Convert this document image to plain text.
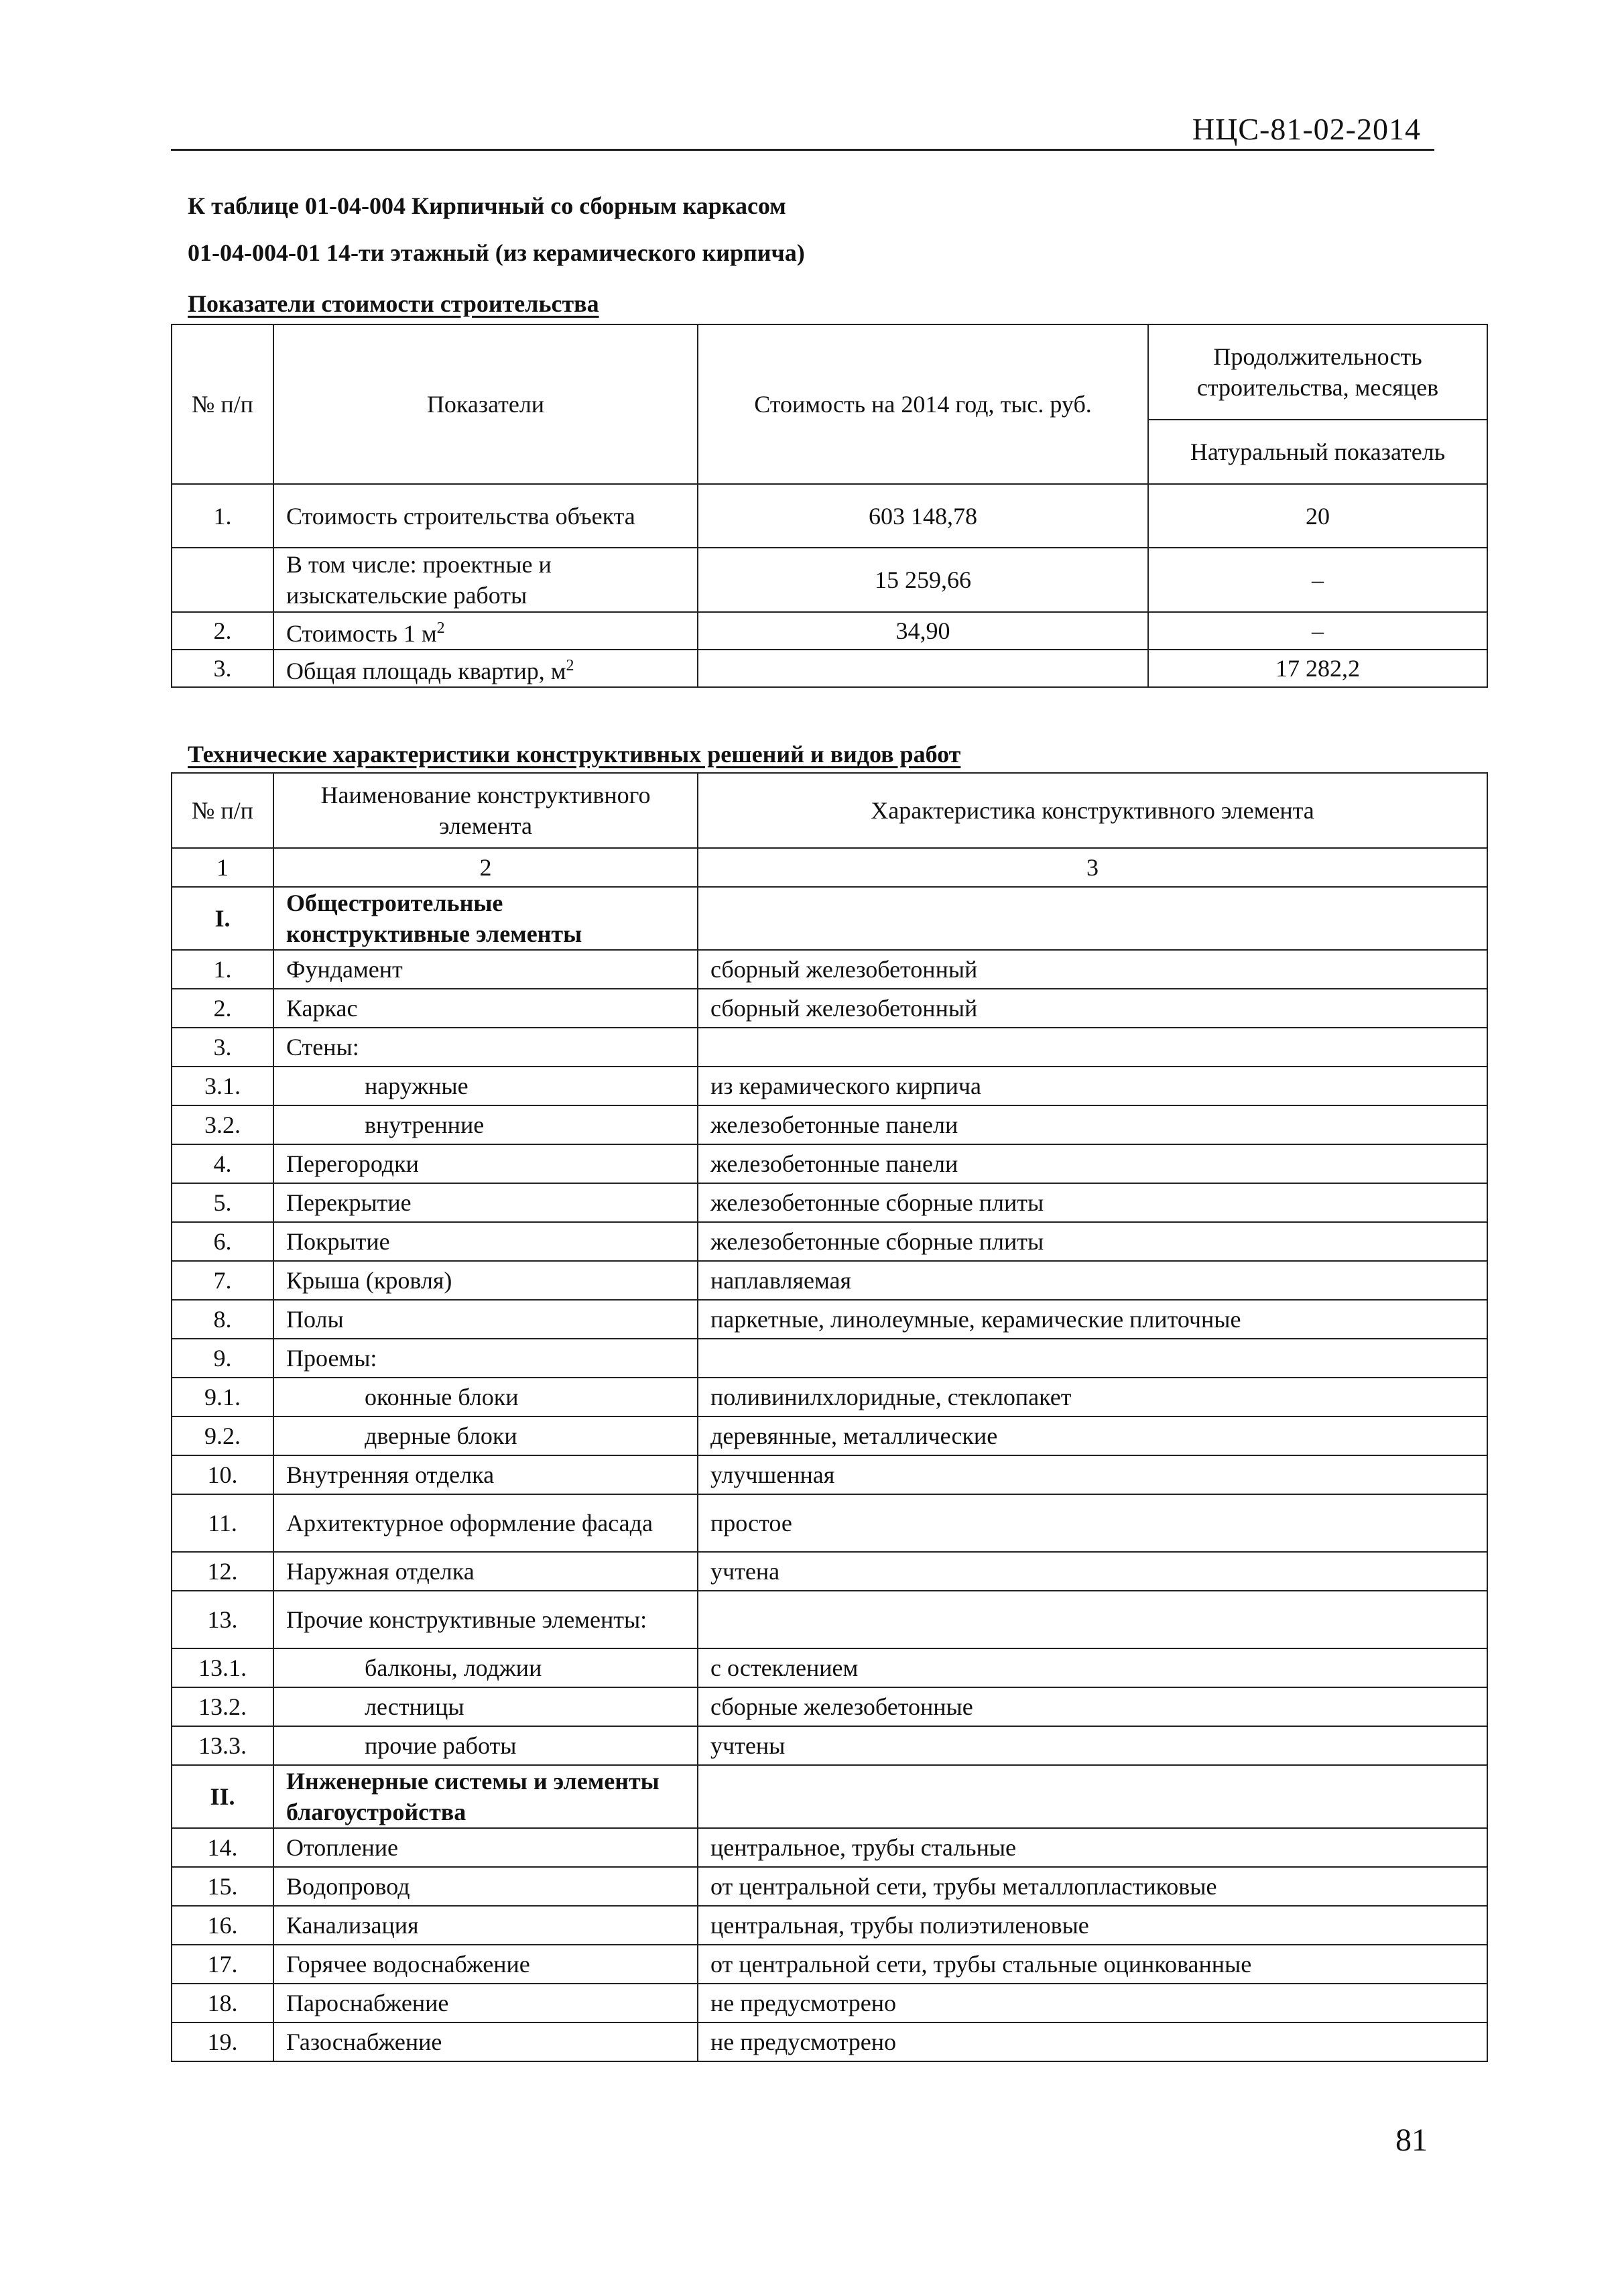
НЦС-81-02-2014
К таблице 01-04-004 Кирпичный со сборным каркасом
01-04-004-01 14-ти этажный (из керамического кирпича)
Показатели стоимости строительства
№ п/п	Показатели	Стоимость на 2014 год, тыс. руб.	Продолжительность строительства, месяцев
			Натуральный показатель
1.	Стоимость строительства объекта	603 148,78	20
	В том числе: проектные и изыскательские работы	15 259,66	–
2.	Стоимость 1 $м^2$	34,90	–
3.	Общая площадь квартир, $м^2$		17 282,2
Технические характеристики конструктивных решений и видов работ
№ п/п	Наименование конструктивного элемента	Характеристика конструктивного элемента
1	2	3
I.	Общестроительные конструктивные элементы	
1.	Фундамент	сборный железобетонный
2.	Каркас	сборный железобетонный
3.	Стены:	
3.1.	наружные	из керамического кирпича
3.2.	внутренние	железобетонные панели
4.	Перегородки	железобетонные панели
5.	Перекрытие	железобетонные сборные плиты
6.	Покрытие	железобетонные сборные плиты
7.	Крыша (кровля)	наплавляемая
8.	Полы	паркетные, линолеумные, керамические плиточные
9.	Проемы:	
9.1.	оконные блоки	поливинилхлоридные, стеклопакет
9.2.	дверные блоки	деревянные, металлические
10.	Внутренняя отделка	улучшенная
11.	Архитектурное оформление фасада	простое
12.	Наружная отделка	учтена
13.	Прочие конструктивные элементы:	
13.1.	балконы, лоджии	с остеклением
13.2.	лестницы	сборные железобетонные
13.3.	прочие работы	учтены
II.	Инженерные системы и элементы благоустройства	
14.	Отопление	центральное, трубы стальные
15.	Водопровод	от центральной сети, трубы металлопластиковые
16.	Канализация	центральная, трубы полиэтиленовые
17.	Горячее водоснабжение	от центральной сети, трубы стальные оцинкованные
18.	Пароснабжение	не предусмотрено
19.	Газоснабжение	не предусмотрено
81
